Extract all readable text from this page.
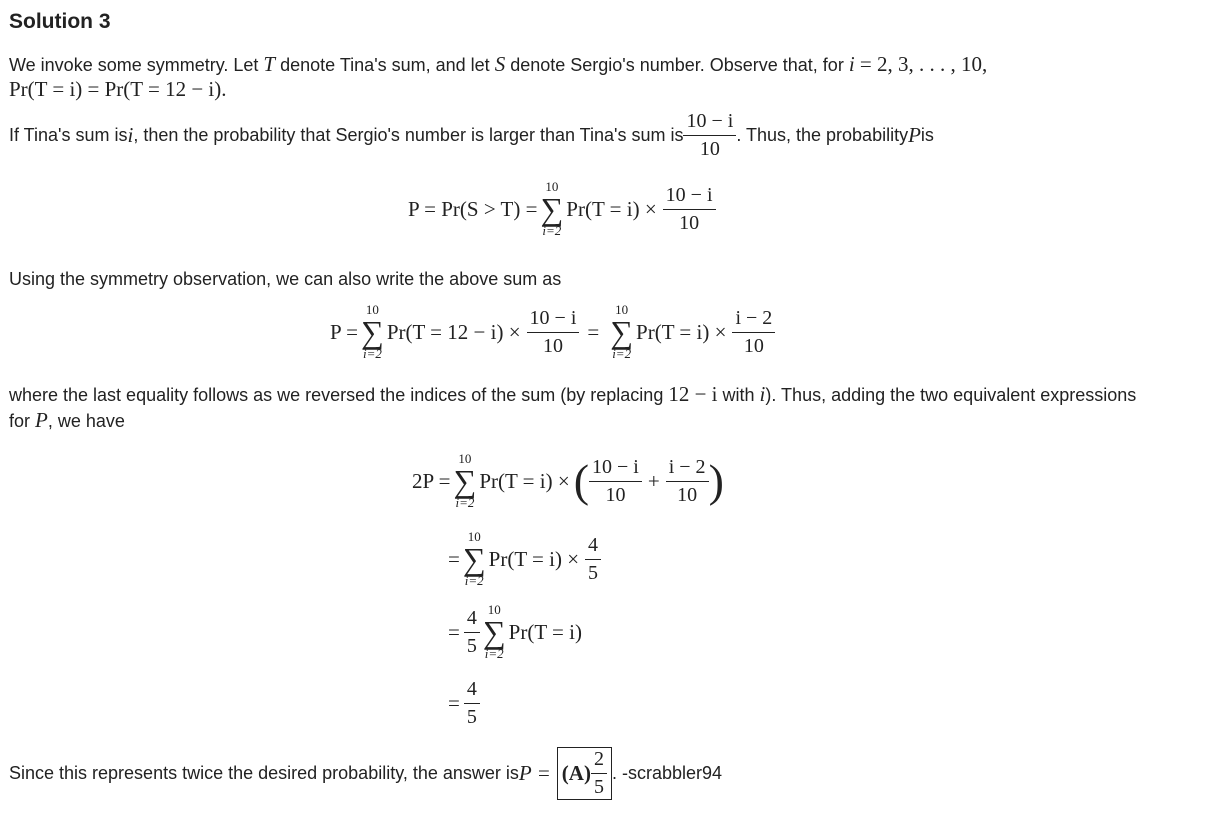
Solution 3
We invoke some symmetry. Let T denote Tina's sum, and let S denote Sergio's number. Observe that, for i = 2, 3, . . . , 10,
Pr(T = i) = Pr(T = 12 − i).
If Tina's sum is i , then the probability that Sergio's number is larger than Tina's sum is $\frac{10 - i}{10}$ . Thus, the probability P is
P = Pr(S > T) =
10
∑
i=2
$Pr(T = i) \times \frac{10 - i}{10}$
Using the symmetry observation, we can also write the above sum as
P =
10
∑
i=2
$Pr(T = 12 - i) \times \frac{10 - i}{10}$ =
10
∑
i=2
$Pr(T = i) \times \frac{i - 2}{10}$
where the last equality follows as we reversed the indices of the sum (by replacing 12 − i with i). Thus, adding the two equivalent expressions
for P, we have
2P =
10
∑
i=2
Pr(T = i) × ( $\frac{10 - i}{10} + \frac{i - 2}{10}$ )
=
10
∑
i=2
$Pr(T = i) \times \frac{4}{5}$
= $\frac{4}{5} 10$
∑
i=2
Pr(T = i)
= $\frac{4}{5}$
Since this represents twice the desired probability, the answer is $P = (A) \frac{2}{5}$ . -scrabbler94
